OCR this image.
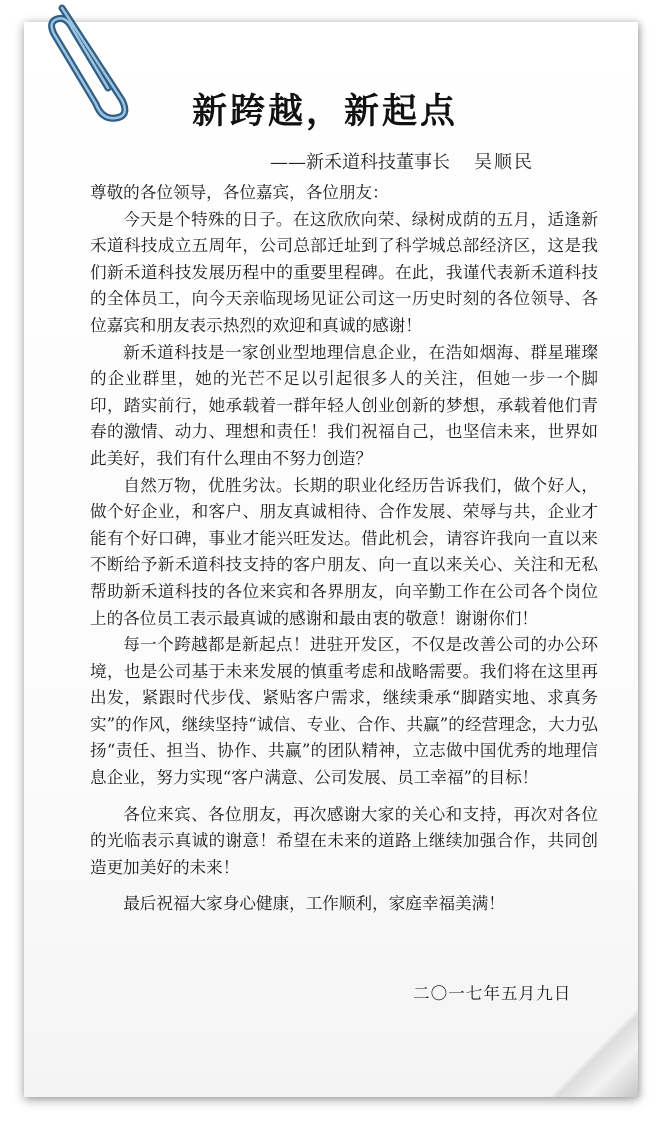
新跨越，新起点
——新禾道科技董事长 吴顺民

尊敬的各位领导，各位嘉宾，各位朋友：

今天是个特殊的日子。在这欣欣向荣、绿树成荫的五月，适逢新禾道科技成立五周年，公司总部迁址到了科学城总部经济区，这是我们新禾道科技发展历程中的重要里程碑。在此，我谨代表新禾道科技的全体员工，向今天亲临现场见证公司这一历史时刻的各位领导、各位嘉宾和朋友表示热烈的欢迎和真诚的感谢！

新禾道科技是一家创业型地理信息企业，在浩如烟海、群星璀璨的企业群里，她的光芒不足以引起很多人的关注，但她一步一个脚印，踏实前行，她承载着一群年轻人创业创新的梦想，承载着他们青春的激情、动力、理想和责任！我们祝福自己，也坚信未来，世界如此美好，我们有什么理由不努力创造？

自然万物，优胜劣汰。长期的职业化经历告诉我们，做个好人，做个好企业，和客户、朋友真诚相待、合作发展、荣辱与共，企业才能有个好口碑，事业才能兴旺发达。借此机会，请容许我向一直以来不断给予新禾道科技支持的客户朋友、向一直以来关心、关注和无私帮助新禾道科技的各位来宾和各界朋友，向辛勤工作在公司各个岗位上的各位员工表示最真诚的感谢和最由衷的敬意！谢谢你们！

每一个跨越都是新起点！进驻开发区，不仅是改善公司的办公环境，也是公司基于未来发展的慎重考虑和战略需要。我们将在这里再出发，紧跟时代步伐、紧贴客户需求，继续秉承“脚踏实地、求真务实”的作风，继续坚持“诚信、专业、合作、共赢”的经营理念，大力弘扬“责任、担当、协作、共赢”的团队精神，立志做中国优秀的地理信息企业，努力实现“客户满意、公司发展、员工幸福”的目标！

各位来宾、各位朋友，再次感谢大家的关心和支持，再次对各位的光临表示真诚的谢意！希望在未来的道路上继续加强合作，共同创造更加美好的未来！

最后祝福大家身心健康，工作顺利，家庭幸福美满！

二〇一七年五月九日
